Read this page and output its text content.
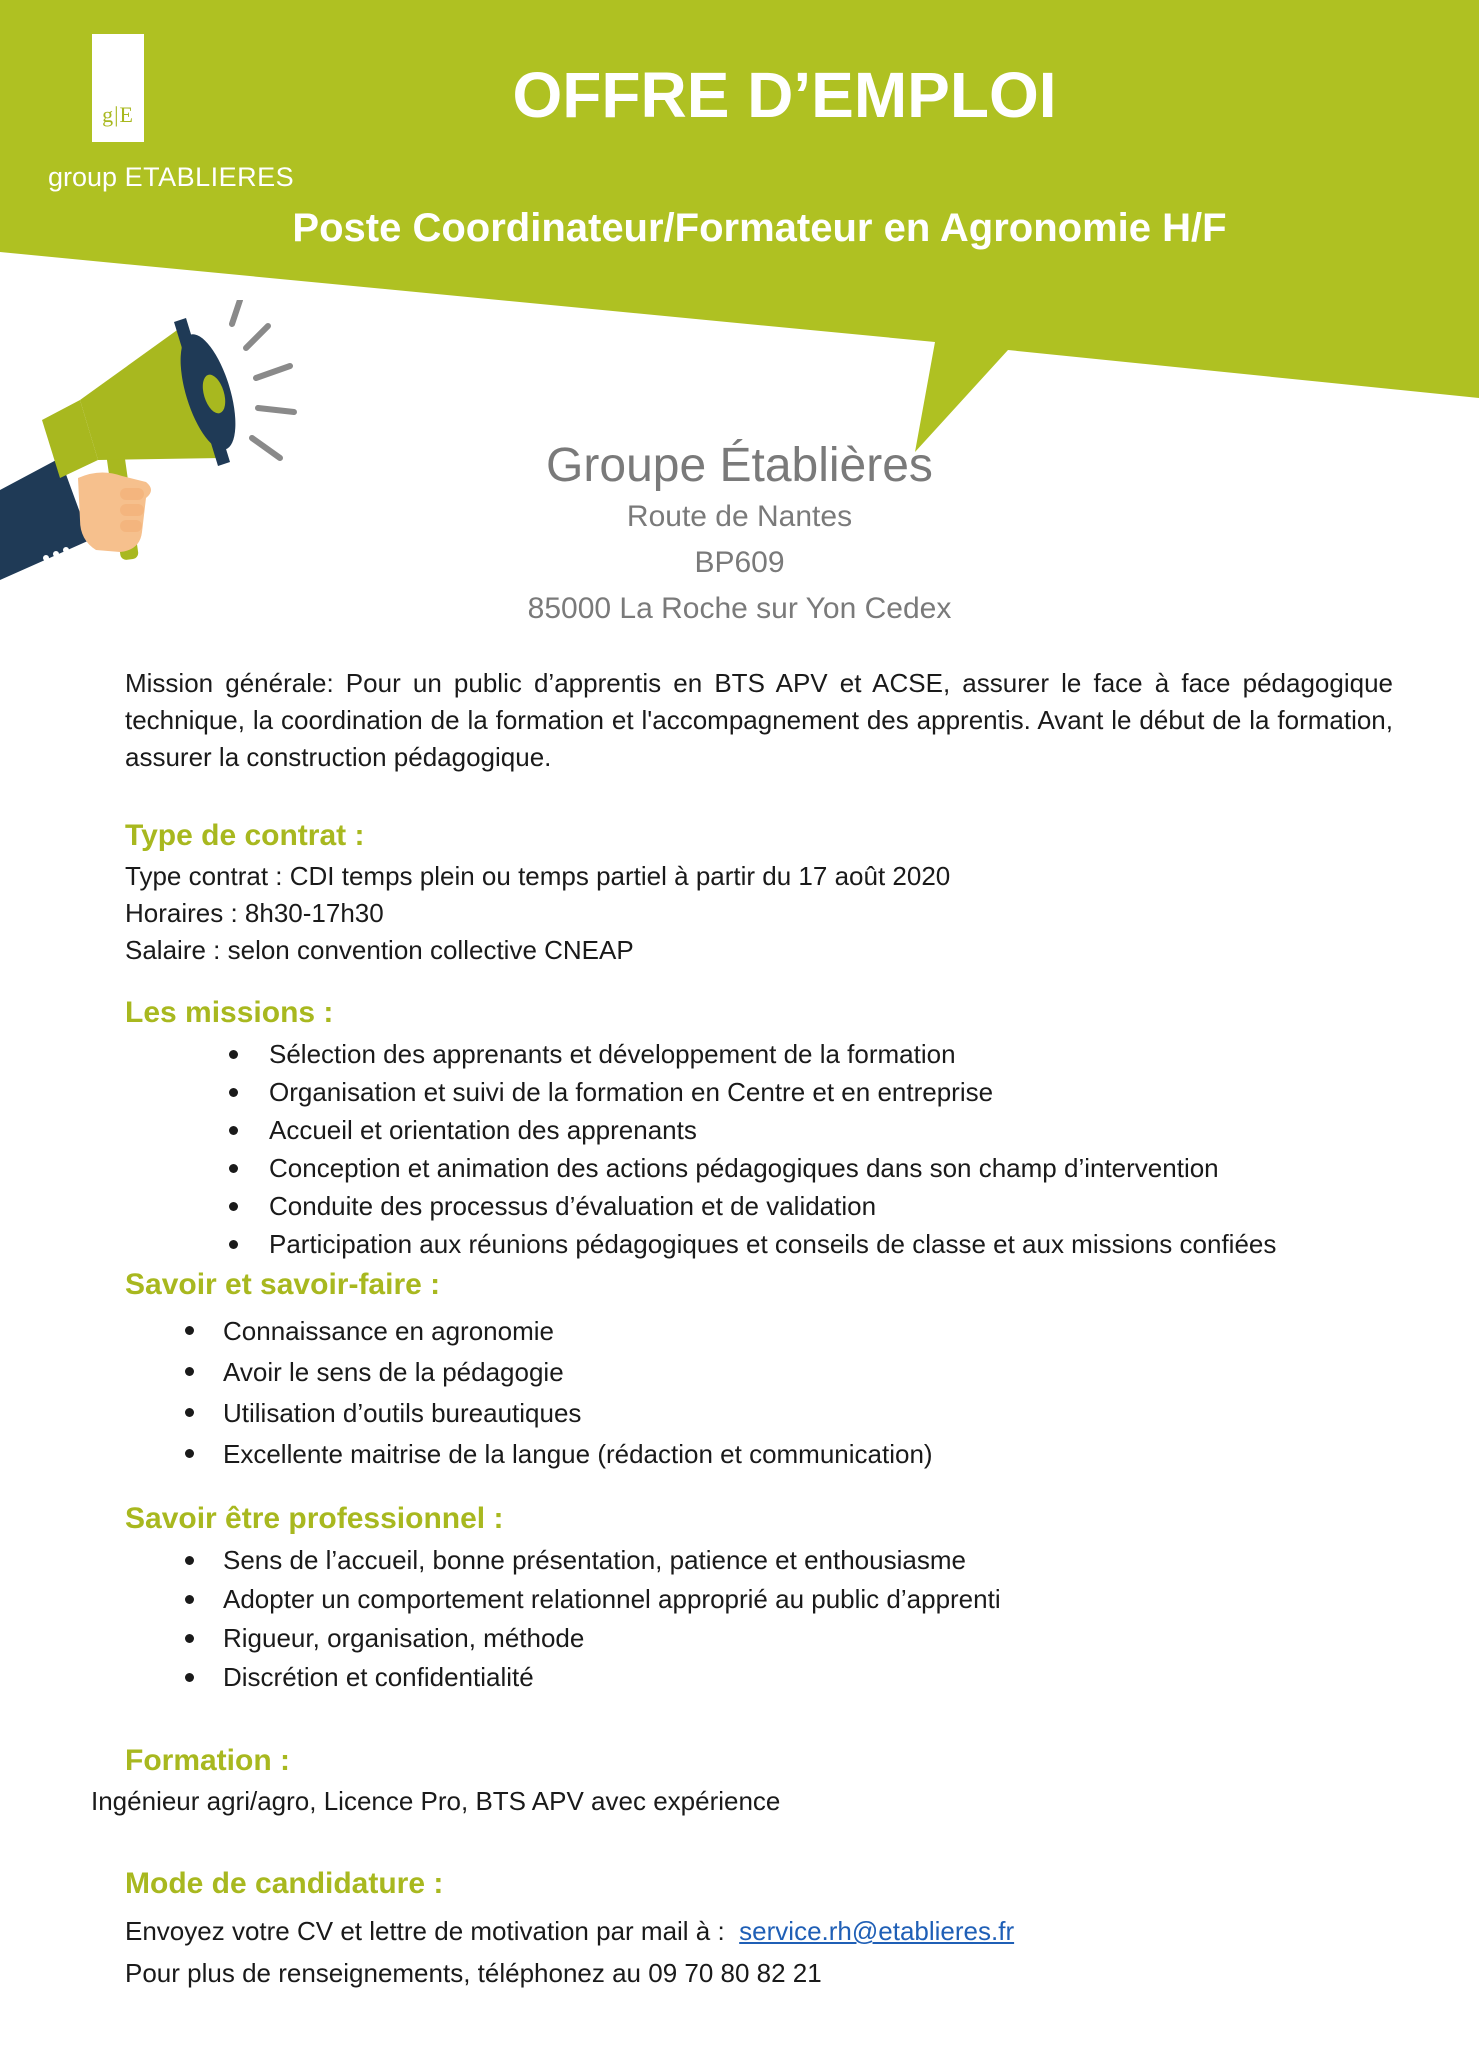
g|E
group ETABLIERES
OFFRE D’EMPLOI
Poste Coordinateur/Formateur en Agronomie H/F
Groupe Établières
Route de Nantes
BP609
85000 La Roche sur Yon Cedex

Mission générale: Pour un public d’apprentis en BTS APV et ACSE, assurer le face à face pédagogique technique, la coordination de la formation et l'accompagnement des apprentis. Avant le début de la formation, assurer la construction pédagogique.

Type de contrat :

Type contrat : CDI temps plein ou temps partiel à partir du 17 août 2020

Horaires : 8h30-17h30

Salaire : selon convention collective CNEAP

Les missions :
Sélection des apprenants et développement de la formation
Organisation et suivi de la formation en Centre et en entreprise
Accueil et orientation des apprenants
Conception et animation des actions pédagogiques dans son champ d’intervention
Conduite des processus d’évaluation et de validation
Participation aux réunions pédagogiques et conseils de classe et aux missions confiées
Savoir et savoir-faire :
Connaissance en agronomie
Avoir le sens de la pédagogie
Utilisation d’outils bureautiques
Excellente maitrise de la langue (rédaction et communication)
Savoir être professionnel :
Sens de l’accueil, bonne présentation, patience et enthousiasme
Adopter un comportement relationnel approprié au public d’apprenti
Rigueur, organisation, méthode
Discrétion et confidentialité
Formation :

Ingénieur agri/agro, Licence Pro, BTS APV avec expérience

Mode de candidature :

Envoyez votre CV et lettre de motivation par mail à : service.rh@etablieres.fr

Pour plus de renseignements, téléphonez au 09 70 80 82 21
